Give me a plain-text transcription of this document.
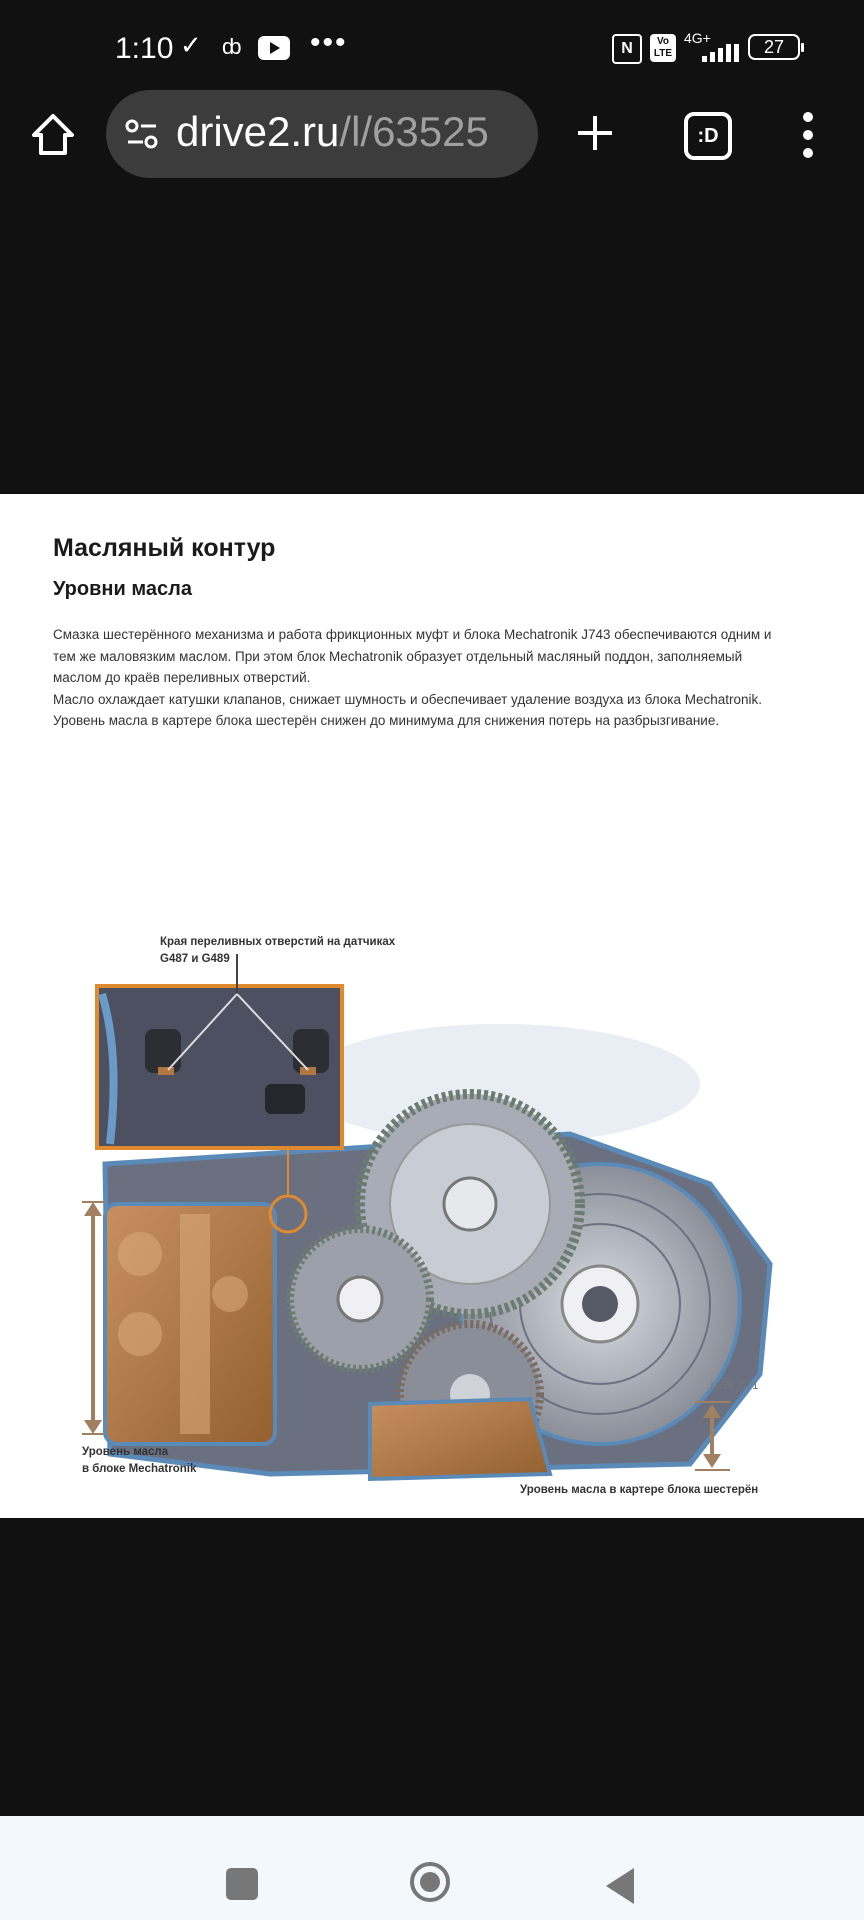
1:10 ✓ ȸ •••	N	Vo LTE
4G+	27
drive2.ru/l/63525	:D
Масляный контур
Уровни масла

Смазка шестерённого механизма и работа фрикционных муфт и блока Mechatronik J743 обеспечиваются одним и тем же маловязким маслом. При этом блок Mechatronik образует отдельный масляный поддон, заполняемый маслом до краёв переливных отверстий.

Масло охлаждает катушки клапанов, снижает шумность и обеспечивает удаление воздуха из блока Mechatronik. Уровень масла в картере блока шестерён снижен до минимума для снижения потерь на разбрызгивание.

Края переливных отверстий на датчиках
G487 и G489
s556_071
Уровень масла
в блоке Mechatronik
Уровень масла в картере блока шестерён
